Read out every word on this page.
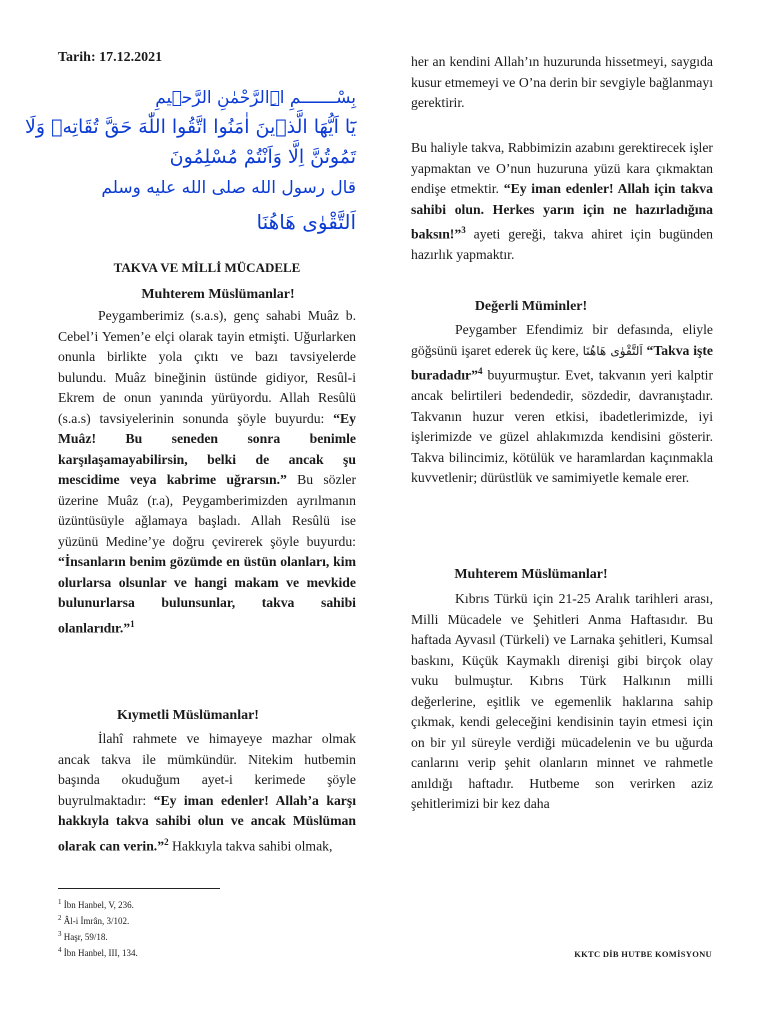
Tarih: 17.12.2021
بِسْـــــــمِ اﷲِالرَّحْمٰنِ الرَّح۪يمِ
يَٓا اَيُّهَا الَّذ۪ينَ اٰمَنُوا اتَّقُوا اللّٰهَ حَقَّ تُقَاتِه۪ وَلَا
تَمُوتُنَّ اِلَّا وَاَنْتُمْ مُسْلِمُونَ
قال رسول الله صلى الله عليه وسلم
اَلتَّقْوٰى هَاهُنَا
TAKVA VE MİLLİ MÜCADELE
Muhterem Müslümanlar!

Peygamberimiz (s.a.s), genç sahabi Muâz b. Cebel’i Yemen’e elçi olarak tayin etmişti. Uğurlarken onunla birlikte yola çıktı ve bazı tavsiyelerde bulundu. Muâz bineğinin üstünde gidiyor, Resûl-i Ekrem de onun yanında yürüyordu. Allah Resûlü (s.a.s) tavsiyelerinin sonunda şöyle buyurdu: “Ey Muâz! Bu seneden sonra benimle karşılaşamayabilirsin, belki de ancak şu mescidime veya kabrime uğrarsın.” Bu sözler üzerine Muâz (r.a), Peygamberimizden ayrılmanın üzüntüsüyle ağlamaya başladı. Allah Resûlü ise yüzünü Medine’ye doğru çevirerek şöyle buyurdu: “İnsanların benim gözümde en üstün olanları, kim olurlarsa olsunlar ve hangi makam ve mevkide bulunurlarsa bulunsunlar, takva sahibi olanlarıdır.”$^1$

Kıymetli Müslümanlar!

İlahî rahmete ve himayeye mazhar olmak ancak takva ile mümkündür. Nitekim hutbemin başında okuduğum ayet-i kerimede şöyle buyrulmaktadır: “Ey iman edenler! Allah’a karşı hakkıyla takva sahibi olun ve ancak Müslüman olarak can verin.”$^2$ Hakkıyla takva sahibi olmak,

$^1$ İbn Hanbel, V, 236.
$^2$ Âl-i İmrân, 3/102.
$^3$ Haşr, 59/18.
$^4$ İbn Hanbel, III, 134.

her an kendini Allah’ın huzurunda hissetmeyi, saygıda kusur etmemeyi ve O’na derin bir sevgiyle bağlanmayı gerektirir.

Bu haliyle takva, Rabbimizin azabını gerektirecek işler yapmaktan ve O’nun huzuruna yüzü kara çıkmaktan endişe etmektir. “Ey iman edenler! Allah için takva sahibi olun. Herkes yarın için ne hazırladığına baksın!”$^3$ ayeti gereği, takva ahiret için bugünden hazırlık yapmaktır.

Değerli Müminler!

Peygamber Efendimiz bir defasında, eliyle göğsünü işaret ederek üç kere, اَلتَّقْوٰى هَاهُنَا “Takva işte buradadır”$^4$ buyurmuştur. Evet, takvanın yeri kalptir ancak belirtileri bedendedir, sözdedir, davranıştadır. Takvanın huzur veren etkisi, ibadetlerimizde, iyi işlerimizde ve güzel ahlakımızda kendisini gösterir. Takva bilincimiz, kötülük ve haramlardan kaçınmakla kuvvetlenir; dürüstlük ve samimiyetle kemale erer.

Muhterem Müslümanlar!

Kıbrıs Türkü için 21-25 Aralık tarihleri arası, Milli Mücadele ve Şehitleri Anma Haftasıdır. Bu haftada Ayvasıl (Türkeli) ve Larnaka şehitleri, Kumsal baskını, Küçük Kaymaklı direnişi gibi birçok olay vuku bulmuştur. Kıbrıs Türk Halkının milli değerlerine, eşitlik ve egemenlik haklarına sahip çıkmak, kendi geleceğini kendisinin tayin etmesi için on bir yıl süreyle verdiği mücadelenin ve bu uğurda canlarını verip şehit olanların minnet ve rahmetle anıldığı haftadır. Hutbeme son verirken aziz şehitlerimizi bir kez daha

KKTC DİB HUTBE KOMİSYONU
